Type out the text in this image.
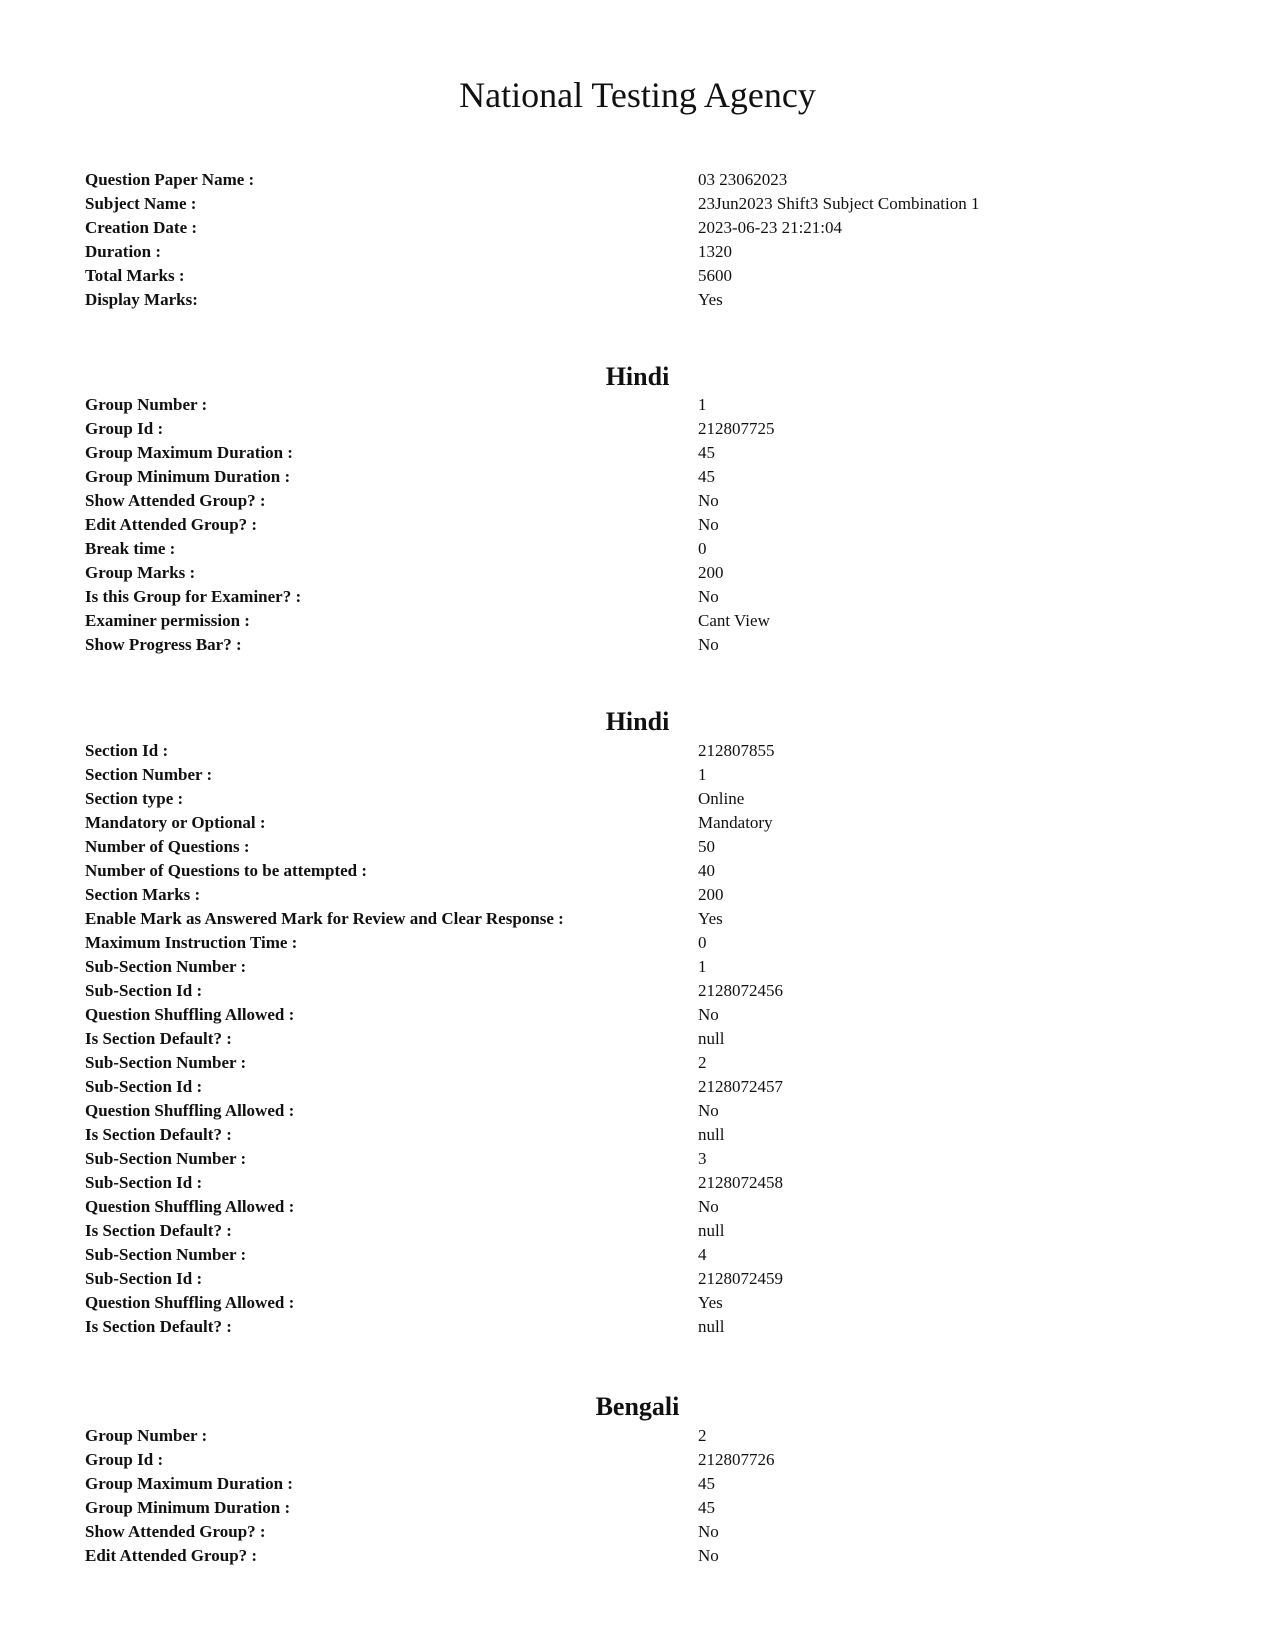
National Testing Agency
Question Paper Name :	03 23062023
Subject Name :	23Jun2023 Shift3 Subject Combination 1
Creation Date :	2023-06-23 21:21:04
Duration :	1320
Total Marks :	5600
Display Marks:	Yes
Hindi
Group Number :	1
Group Id :	212807725
Group Maximum Duration :	45
Group Minimum Duration :	45
Show Attended Group? :	No
Edit Attended Group? :	No
Break time :	0
Group Marks :	200
Is this Group for Examiner? :	No
Examiner permission :	Cant View
Show Progress Bar? :	No
Hindi
Section Id :	212807855
Section Number :	1
Section type :	Online
Mandatory or Optional :	Mandatory
Number of Questions :	50
Number of Questions to be attempted :	40
Section Marks :	200
Enable Mark as Answered Mark for Review and Clear Response :	Yes
Maximum Instruction Time :	0
Sub-Section Number :	1
Sub-Section Id :	2128072456
Question Shuffling Allowed :	No
Is Section Default? :	null
Sub-Section Number :	2
Sub-Section Id :	2128072457
Question Shuffling Allowed :	No
Is Section Default? :	null
Sub-Section Number :	3
Sub-Section Id :	2128072458
Question Shuffling Allowed :	No
Is Section Default? :	null
Sub-Section Number :	4
Sub-Section Id :	2128072459
Question Shuffling Allowed :	Yes
Is Section Default? :	null
Bengali
Group Number :	2
Group Id :	212807726
Group Maximum Duration :	45
Group Minimum Duration :	45
Show Attended Group? :	No
Edit Attended Group? :	No
